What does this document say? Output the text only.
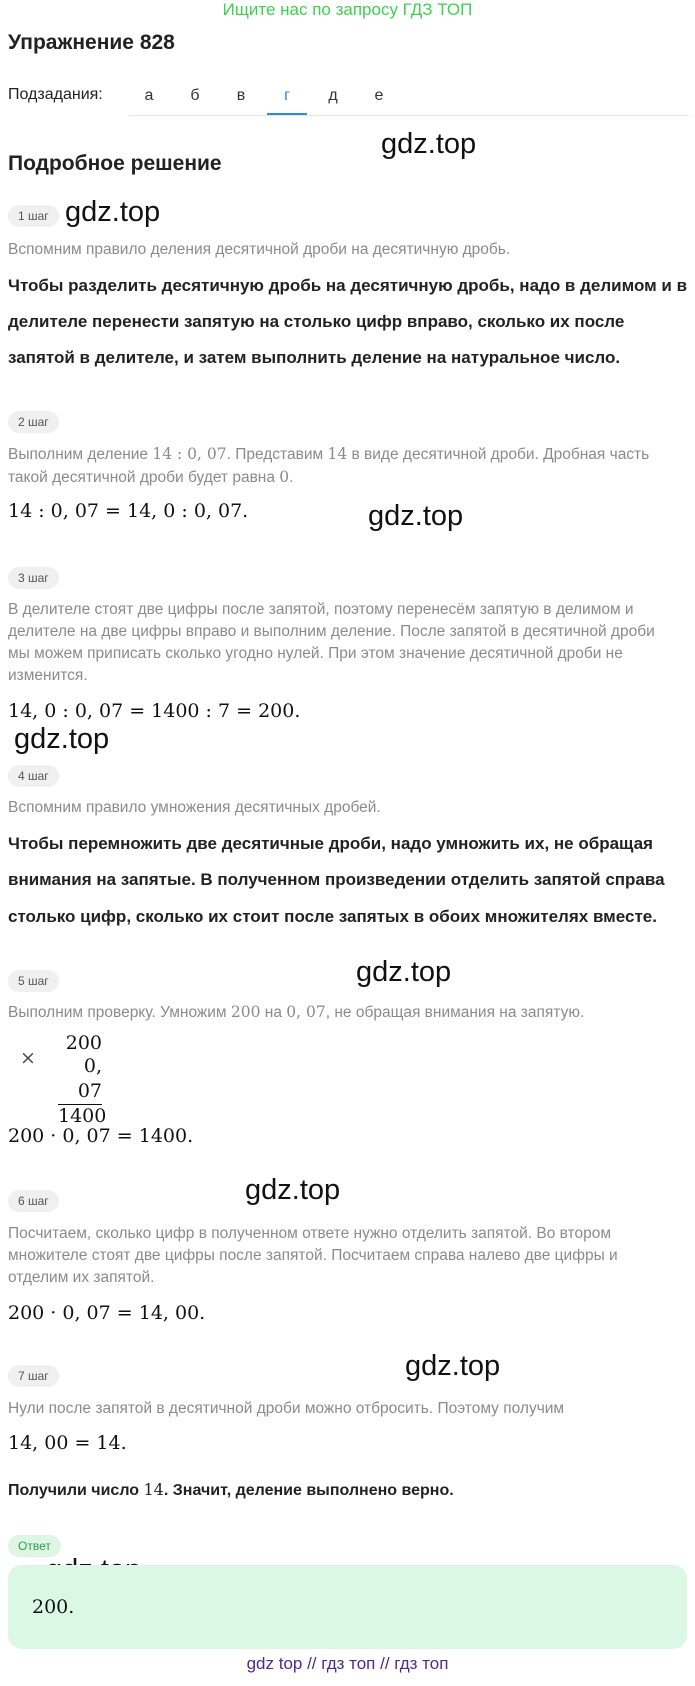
Ищите нас по запросу ГДЗ ТОП
Упражнение 828
Подзадания:	а	б	в	г	д	е
Подробное решение
gdz.top
gdz.top
gdz.top
gdz.top
gdz.top
gdz.top
gdz.top
1 шаг
Вспомним правило деления десятичной дроби на десятичную дробь.
Чтобы разделить десятичную дробь на десятичную дробь, надо в делимом и в
делителе перенести запятую на столько цифр вправо, сколько их после
запятой в делителе, и затем выполнить деление на натуральное число.
2 шаг
Выполним деление 14 : 0, 07. Представим 14 в виде десятичной дроби. Дробная часть
такой десятичной дроби будет равна 0.
14 : 0, 07 = 14, 0 : 0, 07.
3 шаг
В делителе стоят две цифры после запятой, поэтому перенесём запятую в делимом и
делителе на две цифры вправо и выполним деление. После запятой в десятичной дроби
мы можем приписать сколько угодно нулей. При этом значение десятичной дроби не
изменится.
14, 0 : 0, 07 = 1400 : 7 = 200.
4 шаг
Вспомним правило умножения десятичных дробей.
Чтобы перемножить две десятичные дроби, надо умножить их, не обращая
внимания на запятые. В полученном произведении отделить запятой справа
столько цифр, сколько их стоит после запятых в обоих множителях вместе.
5 шаг
Выполним проверку. Умножим 200 на 0, 07, не обращая внимания на запятую.
×
200
0, 07
1400
200 · 0, 07 = 1400.
6 шаг
Посчитаем, сколько цифр в полученном ответе нужно отделить запятой. Во втором
множителе стоят две цифры после запятой. Посчитаем справа налево две цифры и
отделим их запятой.
200 · 0, 07 = 14, 00.
7 шаг
Нули после запятой в десятичной дроби можно отбросить. Поэтому получим
14, 00 = 14.
Получили число 14. Значит, деление выполнено верно.
Ответ
200.
gdz top // гдз топ // гдз топ
